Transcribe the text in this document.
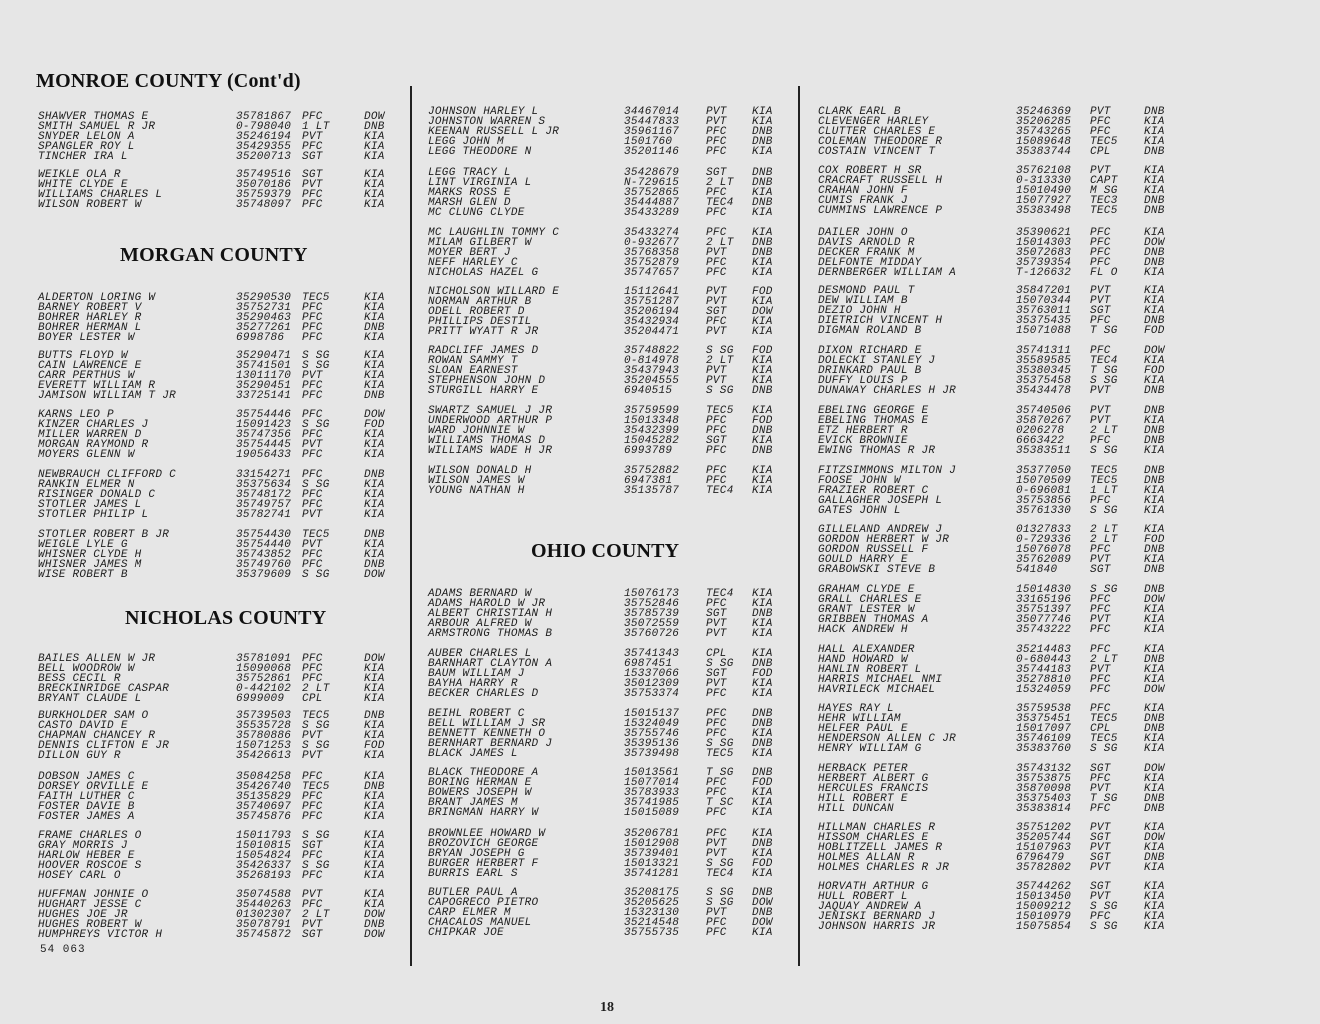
MONROE COUNTY (Cont'd)
SHAWVER THOMAS E	35781867 PFC	DOW
SMITH SAMUEL R JR	0-798040 1 LT	DNB
SNYDER LELON A	35246194 PVT	KIA
SPANGLER ROY L	35429355 PFC	KIA
TINCHER IRA L	35200713 SGT	KIA
WEIKLE OLA R	35749516 SGT	KIA
WHITE CLYDE E	35070186 PVT	KIA
WILLIAMS CHARLES L	35759379 PFC	KIA
WILSON ROBERT W	35748097 PFC	KIA
MORGAN COUNTY
ALDERTON LORING W	35290530 TEC5	KIA
BARNEY ROBERT V	35752731 PFC	KIA
BOHRER HARLEY R	35290463 PFC	KIA
BOHRER HERMAN L	35277261 PFC	DNB
BOYER LESTER W	6998786 PFC	KIA
BUTTS FLOYD W	35290471 S SG	KIA
CAIN LAWRENCE E	35741501 S SG	KIA
CARR PERTHUS W	13011170 PVT	KIA
EVERETT WILLIAM R	35290451 PFC	KIA
JAMISON WILLIAM T JR	33725141 PFC	DNB
KARNS LEO P	35754446 PFC	DOW
KINZER CHARLES J	15091423 S SG	FOD
MILLER WARREN D	35747356 PFC	KIA
MORGAN RAYMOND R	35754445 PVT	KIA
MOYERS GLENN W	19056433 PFC	KIA
NEWBRAUCH CLIFFORD C	33154271 PFC	DNB
RANKIN ELMER N	35375634 S SG	KIA
RISINGER DONALD C	35748172 PFC	KIA
STOTLER JAMES L	35749757 PFC	KIA
STOTLER PHILIP L	35782741 PVT	KIA
STOTLER ROBERT B JR	35754430 TEC5	DNB
WEIGLE LYLE G	35754440 PVT	KIA
WHISNER CLYDE H	35743852 PFC	KIA
WHISNER JAMES M	35749760 PFC	DNB
WISE ROBERT B	35379609 S SG	DOW
NICHOLAS COUNTY
BAILES ALLEN W JR	35781091 PFC	DOW
BELL WOODROW W	15090068 PFC	KIA
BESS CECIL R	35752861 PFC	KIA
BRECKINRIDGE CASPAR	0-442102 2 LT	KIA
BRYANT CLAUDE L	6999009 CPL	KIA
BURKHOLDER SAM O	35739503 TEC5	DNB
CASTO DAVID E	35535728 S SG	KIA
CHAPMAN CHANCEY R	35780886 PVT	KIA
DENNIS CLIFTON E JR	15071253 S SG	FOD
DILLON GUY R	35426613 PVT	KIA
DOBSON JAMES C	35084258 PFC	KIA
DORSEY ORVILLE E	35426740 TEC5	DNB
FAITH LUTHER C	35135829 PFC	KIA
FOSTER DAVIE B	35740697 PFC	KIA
FOSTER JAMES A	35745876 PFC	KIA
FRAME CHARLES O	15011793 S SG	KIA
GRAY MORRIS J	15010815 SGT	KIA
HARLOW HEBER E	15054824 PFC	KIA
HOOVER ROSCOE S	35426337 S SG	KIA
HOSEY CARL O	35268193 PFC	KIA
HUFFMAN JOHNIE O	35074588 PVT	KIA
HUGHART JESSE C	35440263 PFC	KIA
HUGHES JOE JR	01302307 2 LT	DOW
HUGHES ROBERT W	35078791 PVT	DNB
HUMPHREYS VICTOR H	35745872 SGT	DOW
JOHNSON HARLEY L	34467014 PVT KIA
JOHNSTON WARREN S	35447833 PVT KIA
KEENAN RUSSELL L JR	35961167 PFC DNB
LEGG JOHN M	1501760	PFC DNB
LEGG THEODORE N	35201146 PFC KIA
LEGG TRACY L	35428679 SGT DNB
LINT VIRGINIA L	N-729615 2 LT DNB
MARKS ROSS E	35752865 PFC KIA
MARSH GLEN D	35444887 TEC4 DNB
MC CLUNG CLYDE	35433289 PFC KIA
MC LAUGHLIN TOMMY C	35433274 PFC KIA
MILAM GILBERT W	0-932677 2 LT DNB
MOYER BERT J	35768358 PVT DNB
NEFF HARLEY C	35752879 PFC KIA
NICHOLAS HAZEL G	35747657 PFC KIA
NICHOLSON WILLARD E	15112641 PVT FOD
NORMAN ARTHUR B	35751287 PVT KIA
ODELL ROBERT D	35206194 SGT DOW
PHILLIPS DESTIL	35432934 PFC KIA
PRITT WYATT R JR	35204471 PVT KIA
RADCLIFF JAMES D	35748822 S SG FOD
ROWAN SAMMY T	0-814978 2 LT KIA
SLOAN EARNEST	35437943 PVT KIA
STEPHENSON JOHN D	35204555 PVT KIA
STURGILL HARRY E	6940515	S SG DNB
SWARTZ SAMUEL J JR	35759599 TEC5 KIA
UNDERWOOD ARTHUR P	15013348 PFC FOD
WARD JOHNNIE W	35432399 PFC DNB
WILLIAMS THOMAS D	15045282 SGT KIA
WILLIAMS WADE H JR	6993789	PFC DNB
WILSON DONALD H	35752882 PFC KIA
WILSON JAMES W	6947381	PFC KIA
YOUNG NATHAN H	35135787 TEC4 KIA
OHIO COUNTY
ADAMS BERNARD W	15076173 TEC4 KIA
ADAMS HAROLD W JR	35752846 PFC KIA
ALBERT CHRISTIAN H	35785739 SGT DNB
ARBOUR ALFRED W	35072559 PVT KIA
ARMSTRONG THOMAS B	35760726 PVT KIA
AUBER CHARLES L	35741343 CPL KIA
BARNHART CLAYTON A	6987451	S SG DNB
BAUM WILLIAM J	15337066 SGT FOD
BAYHA HARRY R	35012309 PVT KIA
BECKER CHARLES D	35753374 PFC KIA
BEIHL ROBERT C	15015137 PFC DNB
BELL WILLIAM J SR	15324049 PFC DNB
BENNETT KENNETH O	35755746 PFC KIA
BERNHART BERNARD J	35395136 S SG DNB
BLACK JAMES L	35739498 TEC5 KIA
BLACK THEODORE A	15013561 T SG DNB
BORING HERMAN E	15077014 PFC FOD
BOWERS JOSEPH W	35783933 PFC KIA
BRANT JAMES M	35741985 T SC KIA
BRINGMAN HARRY W	15015089 PFC KIA
BROWNLEE HOWARD W	35206781 PFC KIA
BROZOVICH GEORGE	15012908 PVT DNB
BRYAN JOSEPH G	35739401 PVT KIA
BURGER HERBERT F	15013321 S SG FOD
BURRIS EARL S	35741281 TEC4 KIA
BUTLER PAUL A	35208175 S SG DNB
CAPOGRECO PIETRO	35205625 S SG DOW
CARP ELMER M	15323130 PVT DNB
CHACALOS MANUEL	35214548 PFC DOW
CHIPKAR JOE	35755735 PFC KIA
CLARK EARL B	35246369 PVT	DNB
CLEVENGER HARLEY	35206285 PFC	KIA
CLUTTER CHARLES E	35743265 PFC	KIA
COLEMAN THEODORE R	15089648 TEC5 KIA
COSTAIN VINCENT T	35383744 CPL	DNB
COX ROBERT H SR	35762108 PVT	KIA
CRACRAFT RUSSELL H	0-313330 CAPT KIA
CRAHAN JOHN F	15010490 M SG KIA
CUMIS FRANK J	15077927 TEC3 DNB
CUMMINS LAWRENCE P	35383498 TEC5 DNB
DAILER JOHN O	35390621 PFC	KIA
DAVIS ARNOLD R	15014303 PFC	DOW
DECKER FRANK M	35072683 PFC	DNB
DELFONTE MIDDAY	35739354 PFC	DNB
DERNBERGER WILLIAM A	T-126632 FL O KIA
DESMOND PAUL T	35847201 PVT	KIA
DEW WILLIAM B	15070344 PVT	KIA
DEZIO JOHN H	35763011 SGT	KIA
DIETRICH VINCENT H	35375435 PFC	DNB
DIGMAN ROLAND B	15071088 T SG FOD
DIXON RICHARD E	35741311 PFC	DOW
DOLECKI STANLEY J	35589585 TEC4 KIA
DRINKARD PAUL B	35380345 T SG FOD
DUFFY LOUIS P	35375458 S SG KIA
DUNAWAY CHARLES H JR	35434478 PVT	DNB
EBELING GEORGE E	35740506 PVT	DNB
EBELING THOMAS E	35870267 PVT	KIA
ETZ HERBERT R	0206278 2 LT DNB
EVICK BROWNIE	6663422 PFC	DNB
EWING THOMAS R JR	35383511 S SG KIA
FITZSIMMONS MILTON J	35377050 TEC5 DNB
FOOSE JOHN W	15070509 TEC5 DNB
FRAZIER ROBERT C	0-696081 1 LT KIA
GALLAGHER JOSEPH L	35753856 PFC	KIA
GATES JOHN L	35761330 S SG KIA
GILLELAND ANDREW J	01327833 2 LT KIA
GORDON HERBERT W JR	0-729336 2 LT FOD
GORDON RUSSELL F	15076078 PFC	DNB
GOULD HARRY E	35762089 PVT	KIA
GRABOWSKI STEVE B	541840	SGT	DNB
GRAHAM CLYDE E	15014830 S SG DNB
GRALL CHARLES E	33165196 PFC	DOW
GRANT LESTER W	35751397 PFC	KIA
GRIBBEN THOMAS A	35077746 PVT	KIA
HACK ANDREW H	35743222 PFC	KIA
HALL ALEXANDER	35214483 PFC	KIA
HAND HOWARD W	0-680443 2 LT DNB
HANLIN ROBERT L	35744183 PVT	KIA
HARRIS MICHAEL NMI	35278810 PFC	KIA
HAVRILECK MICHAEL	15324059 PFC	DOW
HAYES RAY L	35759538 PFC	KIA
HEHR WILLIAM	35375451 TEC5 DNB
HELFER PAUL E	15017097 CPL	DNB
HENDERSON ALLEN C JR	35746109 TEC5 KIA
HENRY WILLIAM G	35383760 S SG KIA
HERBACK PETER	35743132 SGT	DOW
HERBERT ALBERT G	35753875 PFC	KIA
HERCULES FRANCIS	35870098 PVT	KIA
HILL ROBERT E	35375403 T SG DNB
HILL DUNCAN	35383814 PFC	DNB
HILLMAN CHARLES R	35751202 PVT	KIA
HISSOM CHARLES E	35205744 SGT	DOW
HOBLITZELL JAMES R	15107963 PVT	KIA
HOLMES ALLAN R	6796479 SGT	DNB
HOLMES CHARLES R JR	35782802 PVT	KIA
HORVATH ARTHUR G	35744262 SGT	KIA
HULL ROBERT L	15013450 PVT	KIA
JAQUAY ANDREW A	15009212 S SG KIA
JENISKI BERNARD J	15010979 PFC	KIA
JOHNSON HARRIS JR	15075854 S SG KIA
54 063
18
